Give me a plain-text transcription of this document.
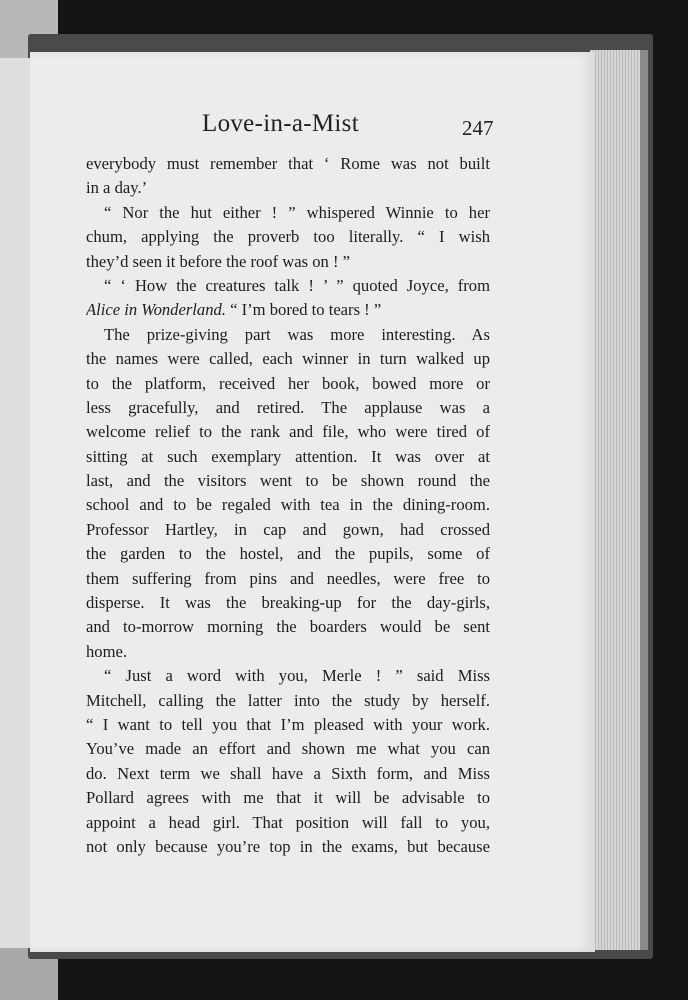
Love-in-a-Mist	247
everybody must remember that ‘ Rome was not built
in a day.’
“ Nor the hut either ! ” whispered Winnie to her
chum, applying the proverb too literally. “ I wish
they’d seen it before the roof was on ! ”
“ ‘ How the creatures talk ! ’ ” quoted Joyce, from
Alice in Wonderland. “ I’m bored to tears ! ”
The prize-giving part was more interesting. As
the names were called, each winner in turn walked up
to the platform, received her book, bowed more or
less gracefully, and retired. The applause was a
welcome relief to the rank and file, who were tired of
sitting at such exemplary attention. It was over at
last, and the visitors went to be shown round the
school and to be regaled with tea in the dining-room.
Professor Hartley, in cap and gown, had crossed
the garden to the hostel, and the pupils, some of
them suffering from pins and needles, were free to
disperse. It was the breaking-up for the day-girls,
and to-morrow morning the boarders would be sent
home.
“ Just a word with you, Merle ! ” said Miss
Mitchell, calling the latter into the study by herself.
“ I want to tell you that I’m pleased with your work.
You’ve made an effort and shown me what you can
do. Next term we shall have a Sixth form, and Miss
Pollard agrees with me that it will be advisable to
appoint a head girl. That position will fall to you,
not only because you’re top in the exams, but because
